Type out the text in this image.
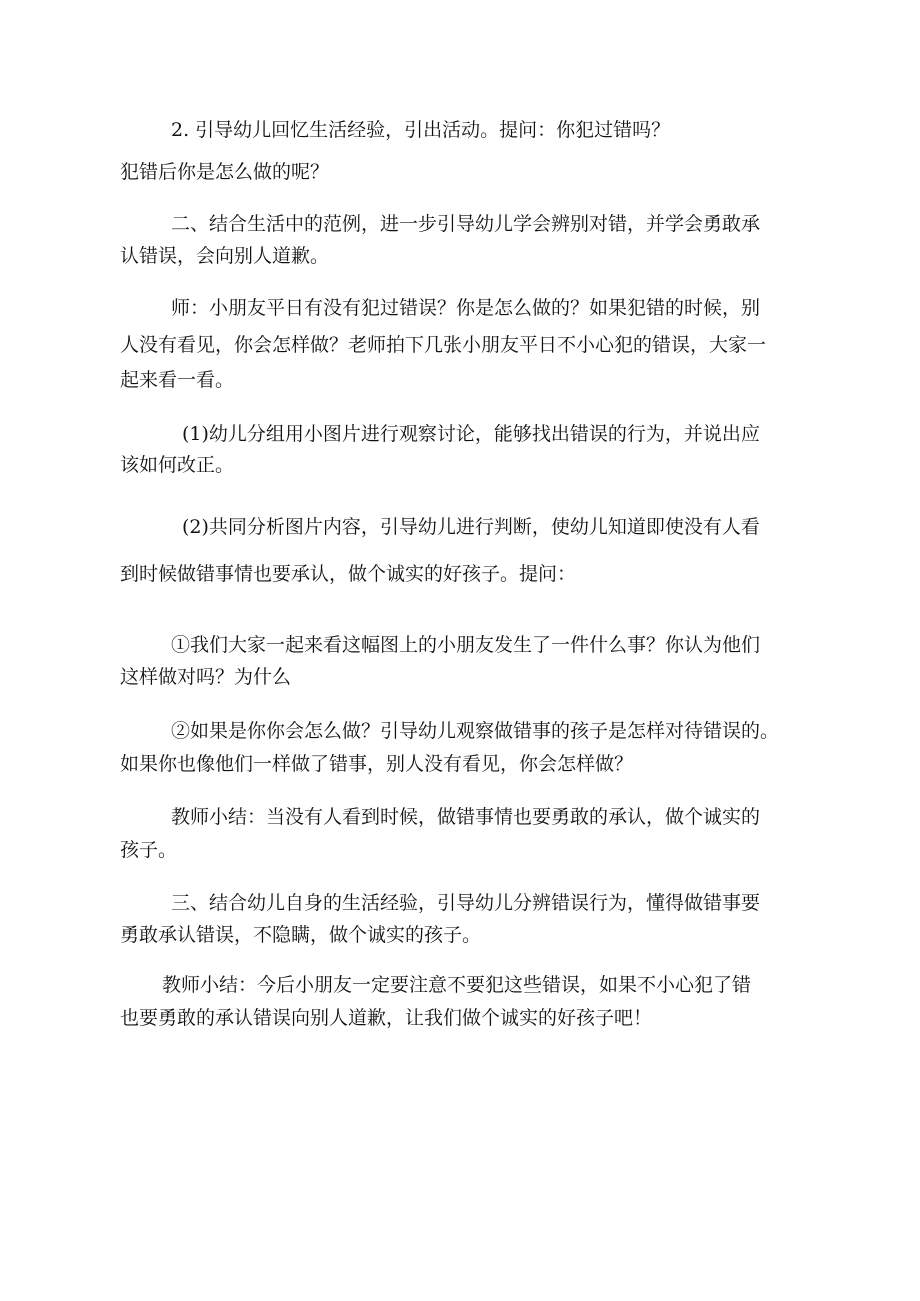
2. 引导幼儿回忆生活经验，引出活动。提问：你犯过错吗？
犯错后你是怎么做的呢？
二、结合生活中的范例，进一步引导幼儿学会辨别对错，并学会勇敢承
认错误，会向别人道歉。
师：小朋友平日有没有犯过错误？你是怎么做的？如果犯错的时候，别
人没有看见，你会怎样做？老师拍下几张小朋友平日不小心犯的错误，大家一
起来看一看。
(1)幼儿分组用小图片进行观察讨论，能够找出错误的行为，并说出应
该如何改正。
(2)共同分析图片内容，引导幼儿进行判断，使幼儿知道即使没有人看
到时候做错事情也要承认，做个诚实的好孩子。提问：
①我们大家一起来看这幅图上的小朋友发生了一件什么事？你认为他们
这样做对吗？为什么
②如果是你你会怎么做？引导幼儿观察做错事的孩子是怎样对待错误的。
如果你也像他们一样做了错事，别人没有看见，你会怎样做？
教师小结：当没有人看到时候，做错事情也要勇敢的承认，做个诚实的
孩子。
三、结合幼儿自身的生活经验，引导幼儿分辨错误行为，懂得做错事要
勇敢承认错误，不隐瞒，做个诚实的孩子。
教师小结：今后小朋友一定要注意不要犯这些错误，如果不小心犯了错
也要勇敢的承认错误向别人道歉，让我们做个诚实的好孩子吧！
